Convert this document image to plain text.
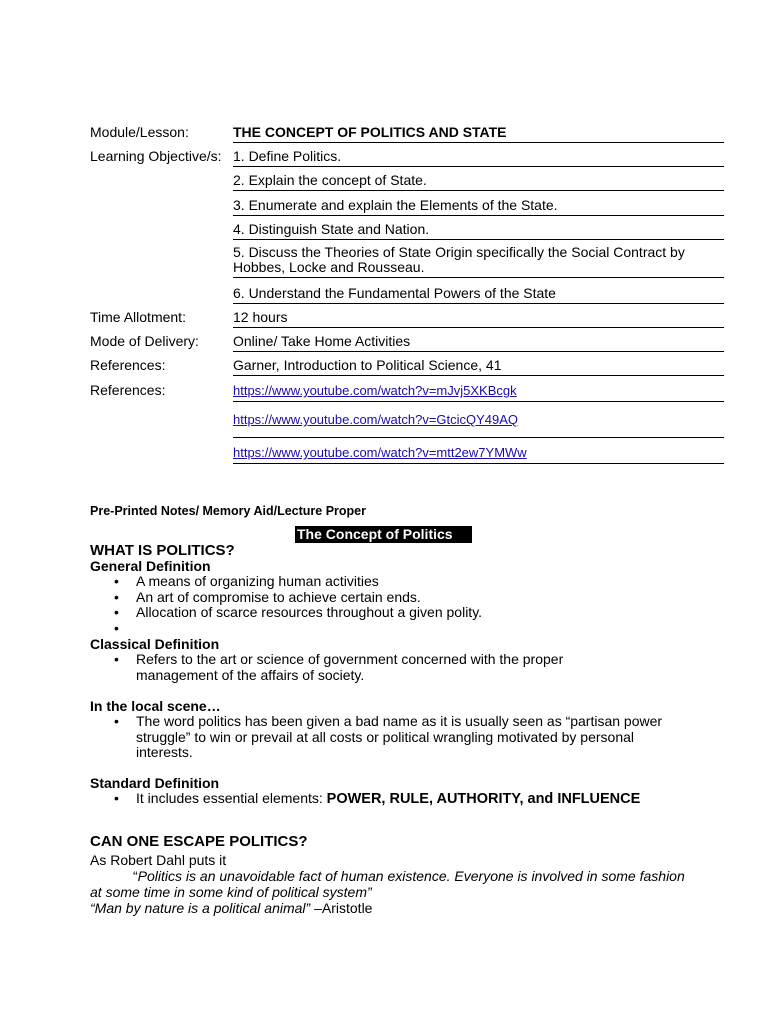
Module/Lesson:	THE CONCEPT OF POLITICS AND STATE
Learning Objective/s: 1. Define Politics.
2. Explain the concept of State.
3. Enumerate and explain the Elements of the State.
4. Distinguish State and Nation.
5. Discuss the Theories of State Origin specifically the Social Contract by Hobbes, Locke and Rousseau.
6. Understand the Fundamental Powers of the State
Time Allotment:	12 hours
Mode of Delivery:	Online/ Take Home Activities
References:	Garner, Introduction to Political Science, 41
References:	https://www.youtube.com/watch?v=mJvj5XKBcgk
https://www.youtube.com/watch?v=GtcicQY49AQ
https://www.youtube.com/watch?v=mtt2ew7YMWw
Pre-Printed Notes/ Memory Aid/Lecture Proper
The Concept of Politics
WHAT IS POLITICS?
General Definition
• A means of organizing human activities
• An art of compromise to achieve certain ends.
• Allocation of scarce resources throughout a given polity.
•
Classical Definition
• Refers to the art or science of government concerned with the proper management of the affairs of society.
In the local scene…
• The word politics has been given a bad name as it is usually seen as “partisan power struggle” to win or prevail at all costs or political wrangling motivated by personal interests.
Standard Definition
• It includes essential elements: POWER, RULE, AUTHORITY, and INFLUENCE
CAN ONE ESCAPE POLITICS?
As Robert Dahl puts it
“Politics is an unavoidable fact of human existence. Everyone is involved in some fashion at some time in some kind of political system”
“Man by nature is a political animal” –Aristotle
